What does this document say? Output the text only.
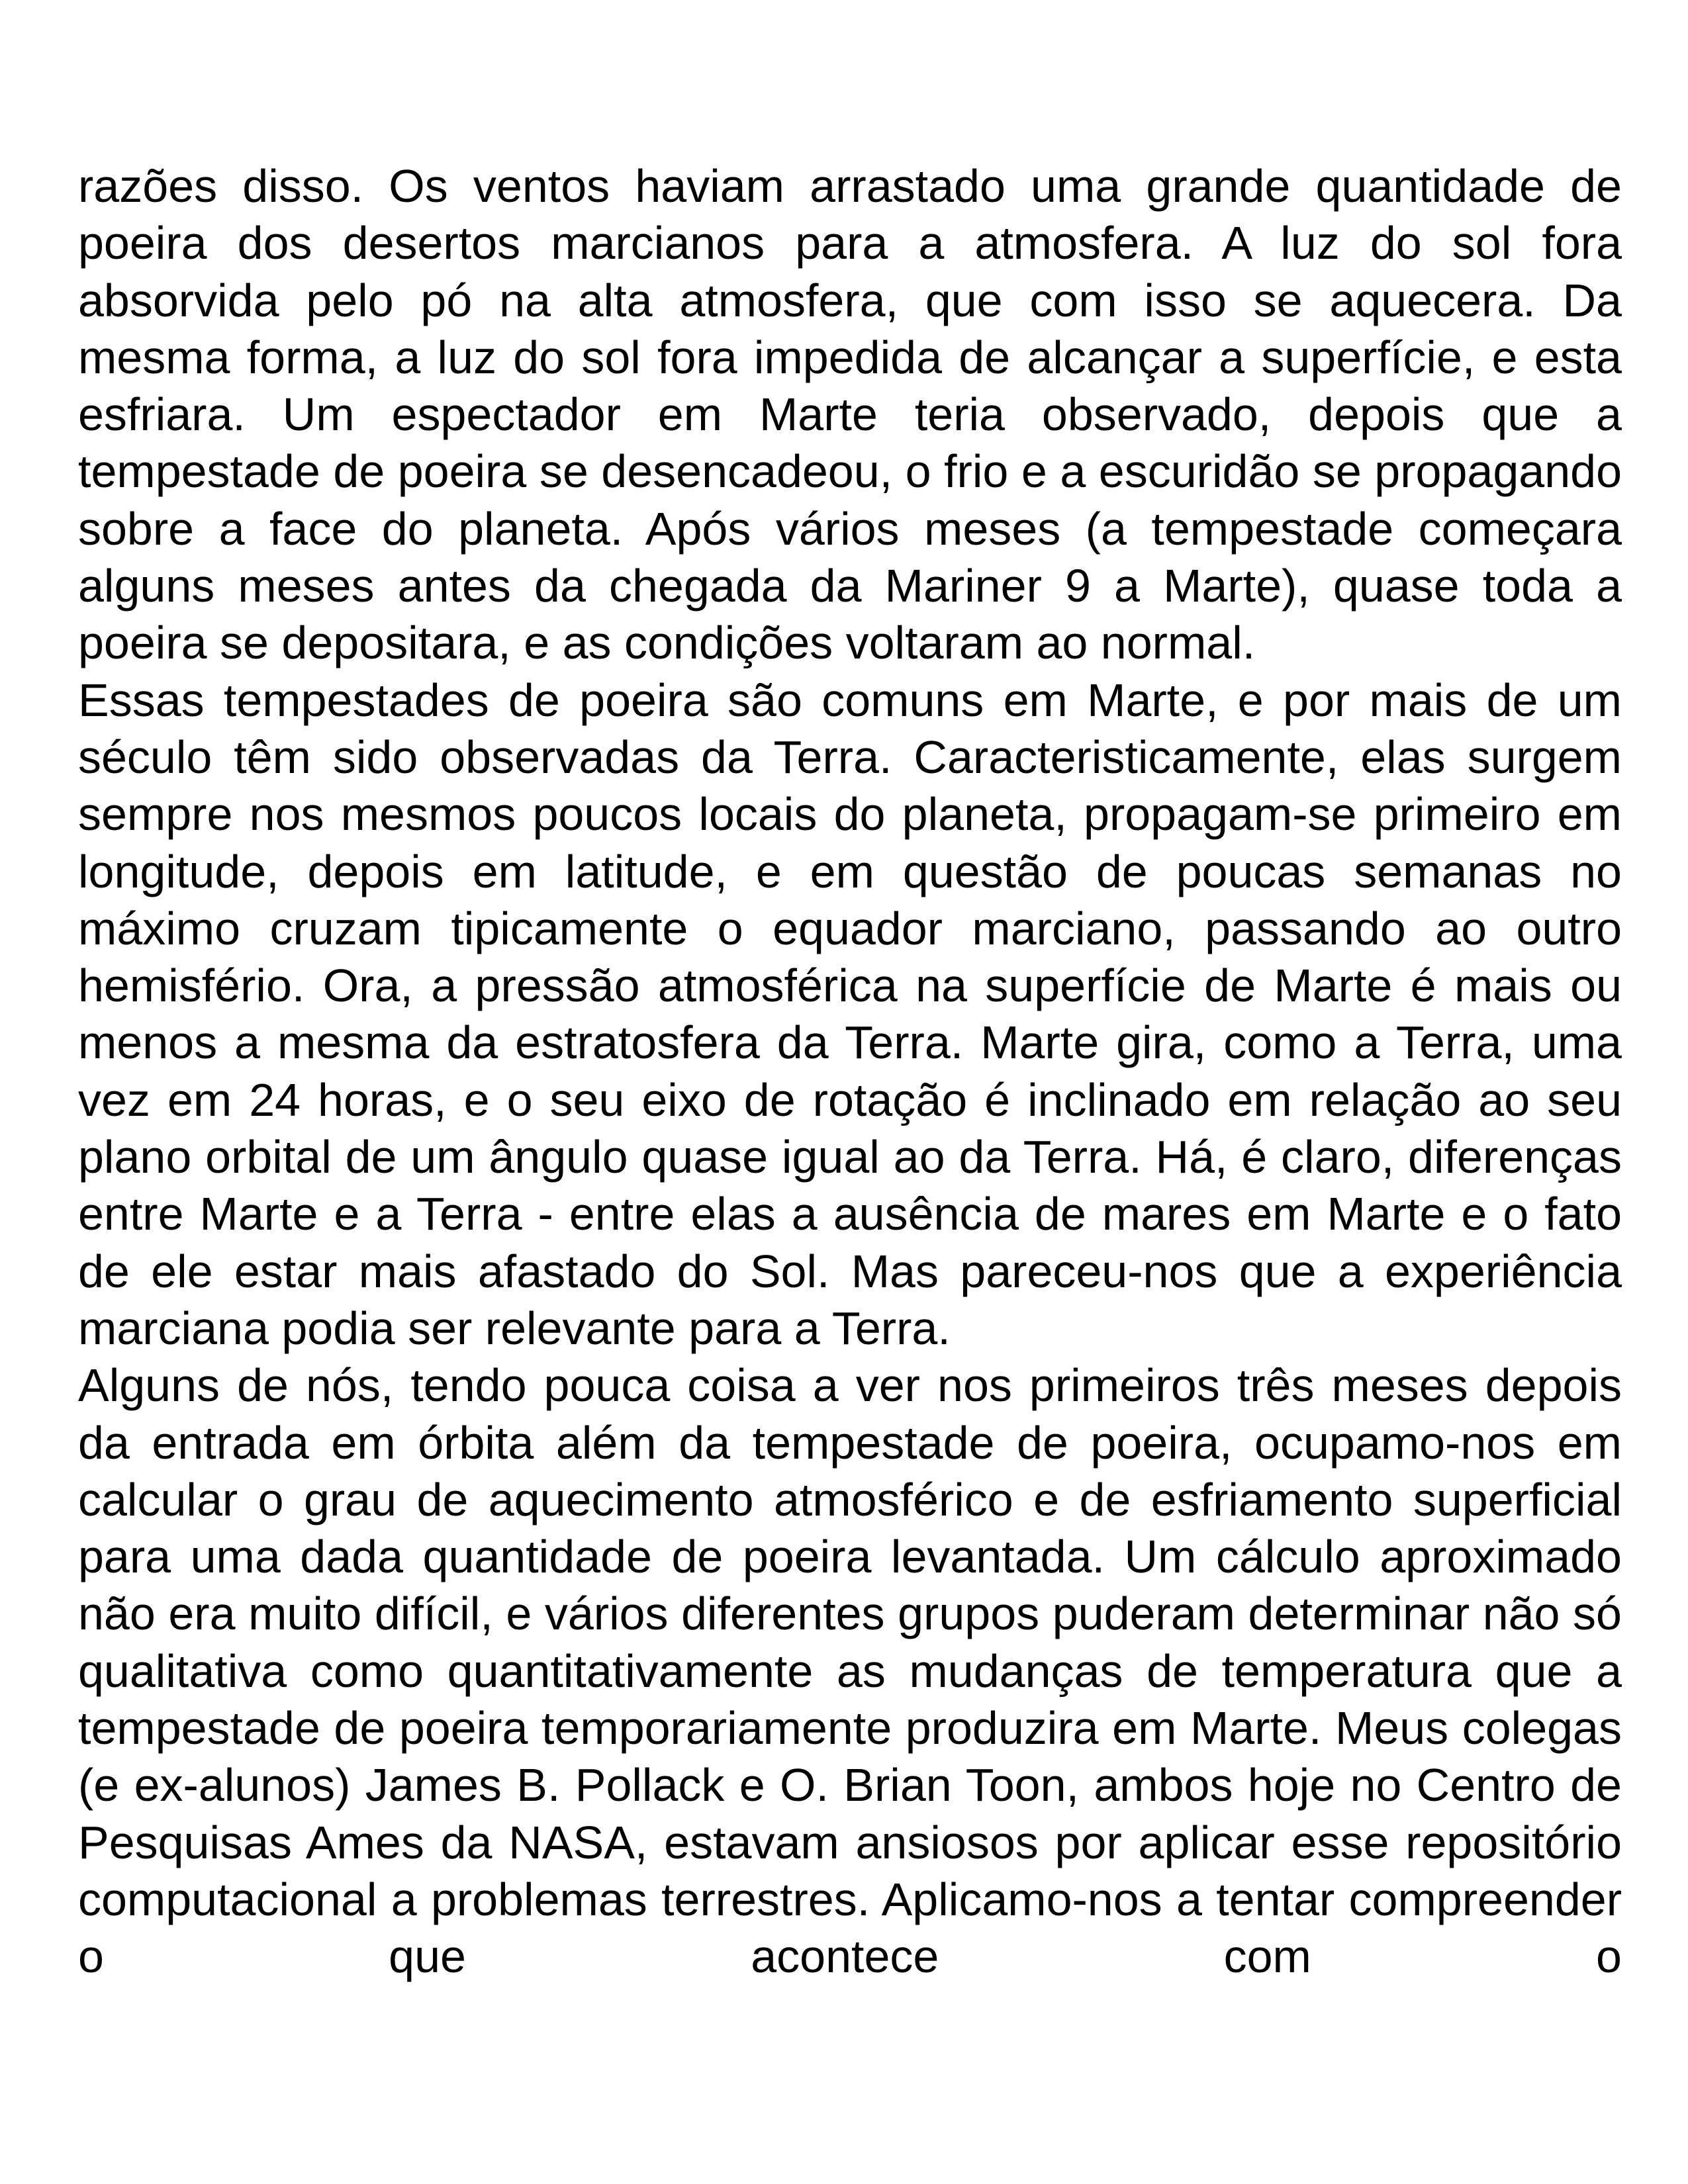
razões disso. Os ventos haviam arrastado uma grande quantidade de poeira dos desertos marcianos para a atmosfera. A luz do sol fora absorvida pelo pó na alta atmosfera, que com isso se aquecera. Da mesma forma, a luz do sol fora impedida de alcançar a superfície, e esta esfriara. Um espectador em Marte teria observado, depois que a tempestade de poeira se desencadeou, o frio e a escuridão se propagando sobre a face do planeta. Após vários meses (a tempestade começara alguns meses antes da chegada da Mariner 9 a Marte), quase toda a poeira se depositara, e as condições voltaram ao normal.

Essas tempestades de poeira são comuns em Marte, e por mais de um século têm sido observadas da Terra. Caracteristicamente, elas surgem sempre nos mesmos poucos locais do planeta, propagam-se primeiro em longitude, depois em latitude, e em questão de poucas semanas no máximo cruzam tipicamente o equador marciano, passando ao outro hemisfério. Ora, a pressão atmosférica na superfície de Marte é mais ou menos a mesma da estratosfera da Terra. Marte gira, como a Terra, uma vez em 24 horas, e o seu eixo de rotação é inclinado em relação ao seu plano orbital de um ângulo quase igual ao da Terra. Há, é claro, diferenças entre Marte e a Terra - entre elas a ausência de mares em Marte e o fato de ele estar mais afastado do Sol. Mas pareceu-nos que a experiência marciana podia ser relevante para a Terra.

Alguns de nós, tendo pouca coisa a ver nos primeiros três meses depois da entrada em órbita além da tempestade de poeira, ocupamo-nos em calcular o grau de aquecimento atmosférico e de esfriamento superficial para uma dada quantidade de poeira levantada. Um cálculo aproximado não era muito difícil, e vários diferentes grupos puderam determinar não só qualitativa como quantitativamente as mudanças de temperatura que a tempestade de poeira temporariamente produzira em Marte. Meus colegas (e ex-alunos) James B. Pollack e O. Brian Toon, ambos hoje no Centro de Pesquisas Ames da NASA, estavam ansiosos por aplicar esse repositório computacional a problemas terrestres. Aplicamo-nos a tentar compreender o que acontece com o
